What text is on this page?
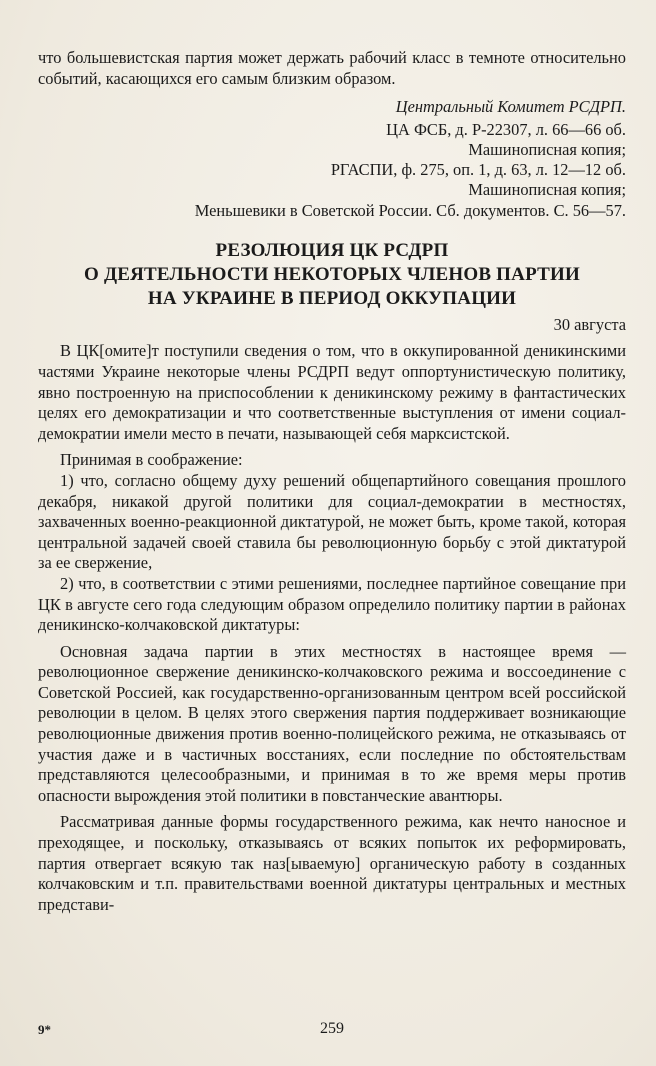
что большевистская партия может держать рабочий класс в темноте относительно событий, касающихся его самым близким образом.

Центральный Комитет РСДРП.

ЦА ФСБ, д. Р-22307, л. 66—66 об.

Машинописная копия;

РГАСПИ, ф. 275, оп. 1, д. 63, л. 12—12 об.

Машинописная копия;

Меньшевики в Советской России. Сб. документов. С. 56—57.

РЕЗОЛЮЦИЯ ЦК РСДРП
О ДЕЯТЕЛЬНОСТИ НЕКОТОРЫХ ЧЛЕНОВ ПАРТИИ
НА УКРАИНЕ В ПЕРИОД ОККУПАЦИИ

30 августа

В ЦК[омите]т поступили сведения о том, что в оккупированной деникинскими частями Украине некоторые члены РСДРП ведут оппортунистическую политику, явно построенную на приспособлении к деникинскому режиму в фантастических целях его демократизации и что соответственные выступления от имени социал-демократии имели место в печати, называющей себя марксистской.

Принимая в соображение:

1) что, согласно общему духу решений общепартийного совещания прошлого декабря, никакой другой политики для социал-демократии в местностях, захваченных военно-реакционной диктатурой, не может быть, кроме такой, которая центральной задачей своей ставила бы революционную борьбу с этой диктатурой за ее свержение,

2) что, в соответствии с этими решениями, последнее партийное совещание при ЦК в августе сего года следующим образом определило политику партии в районах деникинско-колчаковской диктатуры:

Основная задача партии в этих местностях в настоящее время — революционное свержение деникинско-колчаковского режима и воссоединение с Советской Россией, как государственно-организованным центром всей российской революции в целом. В целях этого свержения партия поддерживает возникающие революционные движения против военно-полицейского режима, не отказываясь от участия даже и в частичных восстаниях, если последние по обстоятельствам представляются целесообразными, и принимая в то же время меры против опасности вырождения этой политики в повстанческие авантюры.

Рассматривая данные формы государственного режима, как нечто наносное и преходящее, и поскольку, отказываясь от всяких попыток их реформировать, партия отвергает всякую так наз[ываемую] органическую работу в созданных колчаковским и т.п. правительствами военной диктатуры центральных и местных представи-

9*	259
